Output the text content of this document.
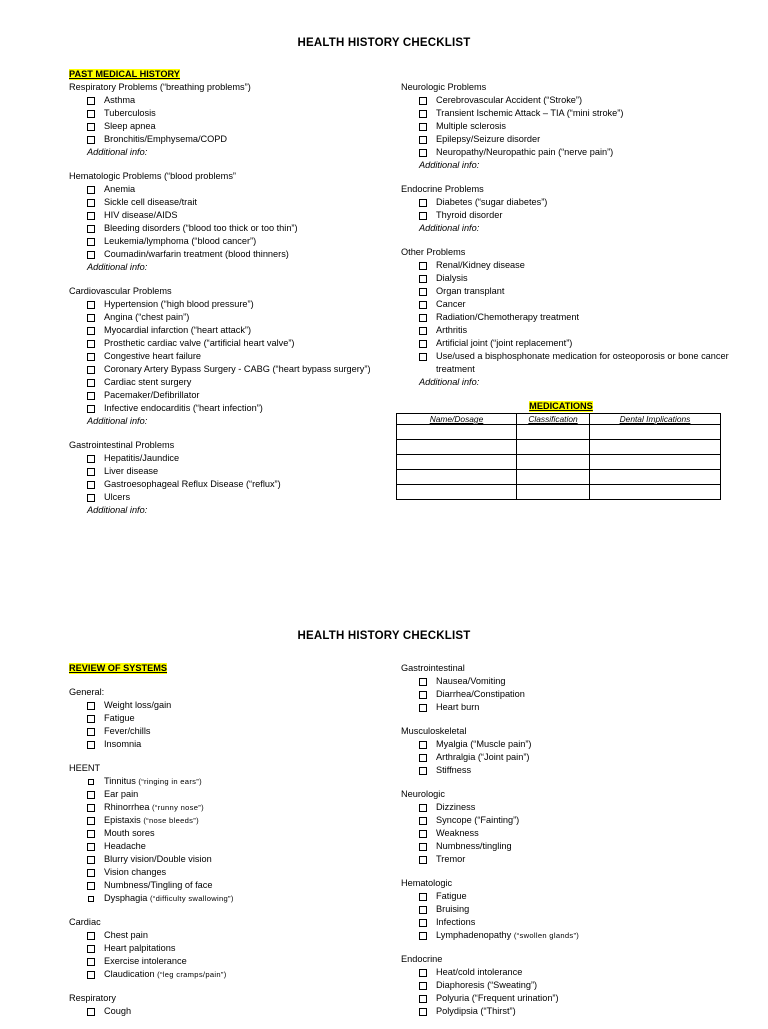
HEALTH HISTORY CHECKLIST
PAST MEDICAL HISTORY
Respiratory Problems (“breathing problems”)
Asthma
Tuberculosis
Sleep apnea
Bronchitis/Emphysema/COPD
Additional info:
Hematologic Problems (“blood problems”
Anemia
Sickle cell disease/trait
HIV disease/AIDS
Bleeding disorders (“blood too thick or too thin”)
Leukemia/lymphoma (“blood cancer”)
Coumadin/warfarin treatment (blood thinners)
Additional info:
Cardiovascular Problems
Hypertension (“high blood pressure”)
Angina (“chest pain”)
Myocardial infarction (“heart attack”)
Prosthetic cardiac valve (“artificial heart valve”)
Congestive heart failure
Coronary Artery Bypass Surgery - CABG (“heart bypass surgery”)
Cardiac stent surgery
Pacemaker/Defibrillator
Infective endocarditis (“heart infection”)
Additional info:
Gastrointestinal Problems
Hepatitis/Jaundice
Liver disease
Gastroesophageal Reflux Disease (“reflux”)
Ulcers
Additional info:
Neurologic Problems
Cerebrovascular Accident (“Stroke”)
Transient Ischemic Attack – TIA (“mini stroke”)
Multiple sclerosis
Epilepsy/Seizure disorder
Neuropathy/Neuropathic pain (“nerve pain”)
Additional info:
Endocrine Problems
Diabetes (“sugar diabetes”)
Thyroid disorder
Additional info:
Other Problems
Renal/Kidney disease
Dialysis
Organ transplant
Cancer
Radiation/Chemotherapy treatment
Arthritis
Artificial joint (“joint replacement”)
Use/used a bisphosphonate medication for osteoporosis or bone cancer treatment
Additional info:
MEDICATIONS
Name/Dosage	Classification	Dental Implications

HEALTH HISTORY CHECKLIST
REVIEW OF SYSTEMS
General:
Weight loss/gain
Fatigue
Fever/chills
Insomnia
HEENT
Tinnitus (“ringing in ears”)
Ear pain
Rhinorrhea (“runny nose”)
Epistaxis (“nose bleeds”)
Mouth sores
Headache
Blurry vision/Double vision
Vision changes
Numbness/Tingling of face
Dysphagia (“difficulty swallowing”)
Cardiac
Chest pain
Heart palpitations
Exercise intolerance
Claudication (“leg cramps/pain”)
Respiratory
Cough
Gastrointestinal
Nausea/Vomiting
Diarrhea/Constipation
Heart burn
Musculoskeletal
Myalgia (“Muscle pain”)
Arthralgia (“Joint pain”)
Stiffness
Neurologic
Dizziness
Syncope (“Fainting”)
Weakness
Numbness/tingling
Tremor
Hematologic
Fatigue
Bruising
Infections
Lymphadenopathy (“swollen glands”)
Endocrine
Heat/cold intolerance
Diaphoresis (“Sweating”)
Polyuria (“Frequent urination”)
Polydipsia (“Thirst”)
